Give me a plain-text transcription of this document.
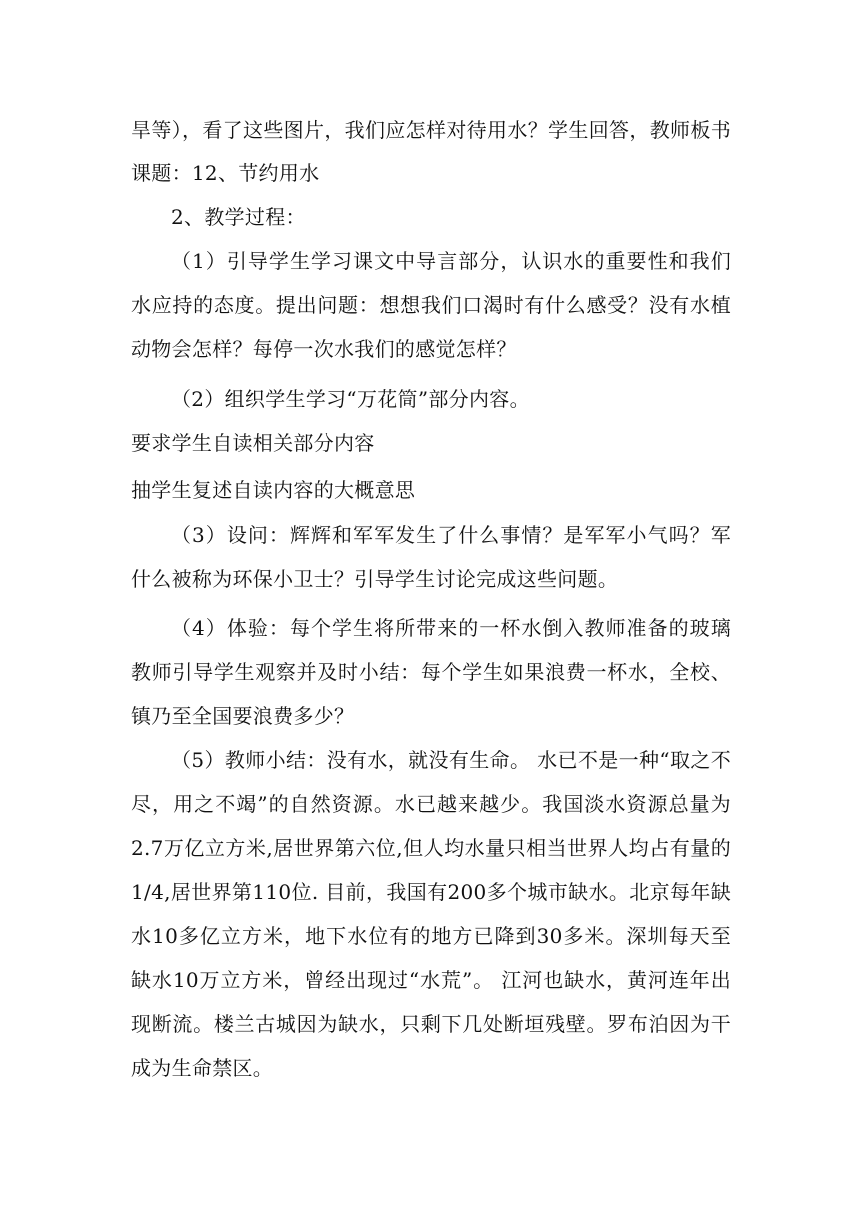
旱等），看了这些图片，我们应怎样对待用水？学生回答，教师板书
课题：12、节约用水
2、教学过程：
（1）引导学生学习课文中导言部分，认识水的重要性和我们
水应持的态度。提出问题：想想我们口渴时有什么感受？没有水植
动物会怎样？每停一次水我们的感觉怎样？
（2）组织学生学习“万花筒”部分内容。
要求学生自读相关部分内容
抽学生复述自读内容的大概意思
（3）设问：辉辉和军军发生了什么事情？是军军小气吗？军
什么被称为环保小卫士？引导学生讨论完成这些问题。
（4）体验：每个学生将所带来的一杯水倒入教师准备的玻璃
教师引导学生观察并及时小结：每个学生如果浪费一杯水，全校、
镇乃至全国要浪费多少？
（5）教师小结：没有水，就没有生命。 水已不是一种“取之不
尽，用之不竭”的自然资源。水已越来越少。我国淡水资源总量为
2.7万亿立方米,居世界第六位,但人均水量只相当世界人均占有量的
1/4,居世界第110位. 目前，我国有200多个城市缺水。北京每年缺
水10多亿立方米，地下水位有的地方已降到30多米。深圳每天至
缺水10万立方米，曾经出现过“水荒”。 江河也缺水，黄河连年出
现断流。楼兰古城因为缺水，只剩下几处断垣残壁。罗布泊因为干
成为生命禁区。
